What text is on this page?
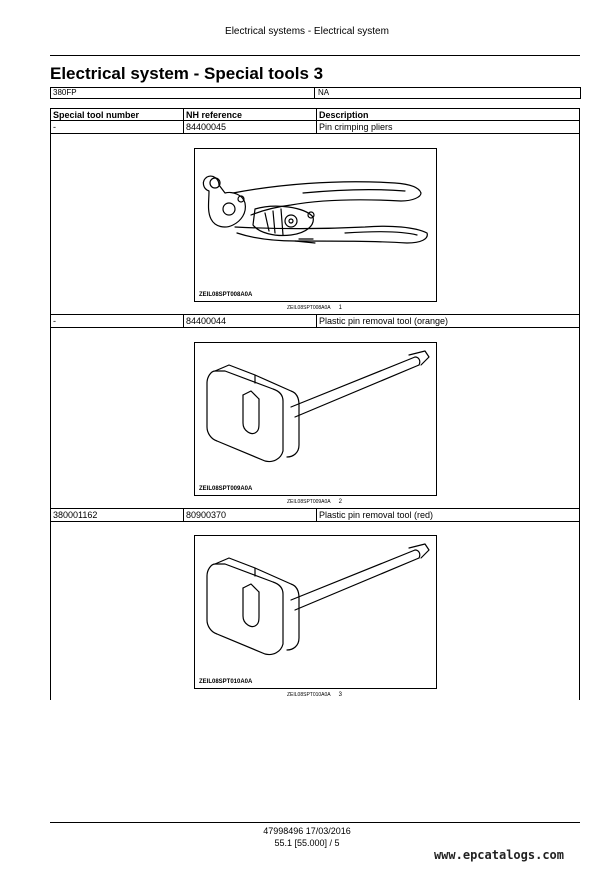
Electrical systems - Electrical system
Electrical system - Special tools 3
380FP	NA
Special tool number	NH reference	Description
-	84400045	Pin crimping pliers
ZEIL08SPT008A0A
ZEIL08SPT008A0A 1
-	84400044	Plastic pin removal tool (orange)
ZEIL08SPT009A0A
ZEIL08SPT009A0A 2
380001162	80900370	Plastic pin removal tool (red)
ZEIL08SPT010A0A
ZEIL08SPT010A0A 3
47998496 17/03/2016
55.1 [55.000] / 5
www.epcatalogs.com
